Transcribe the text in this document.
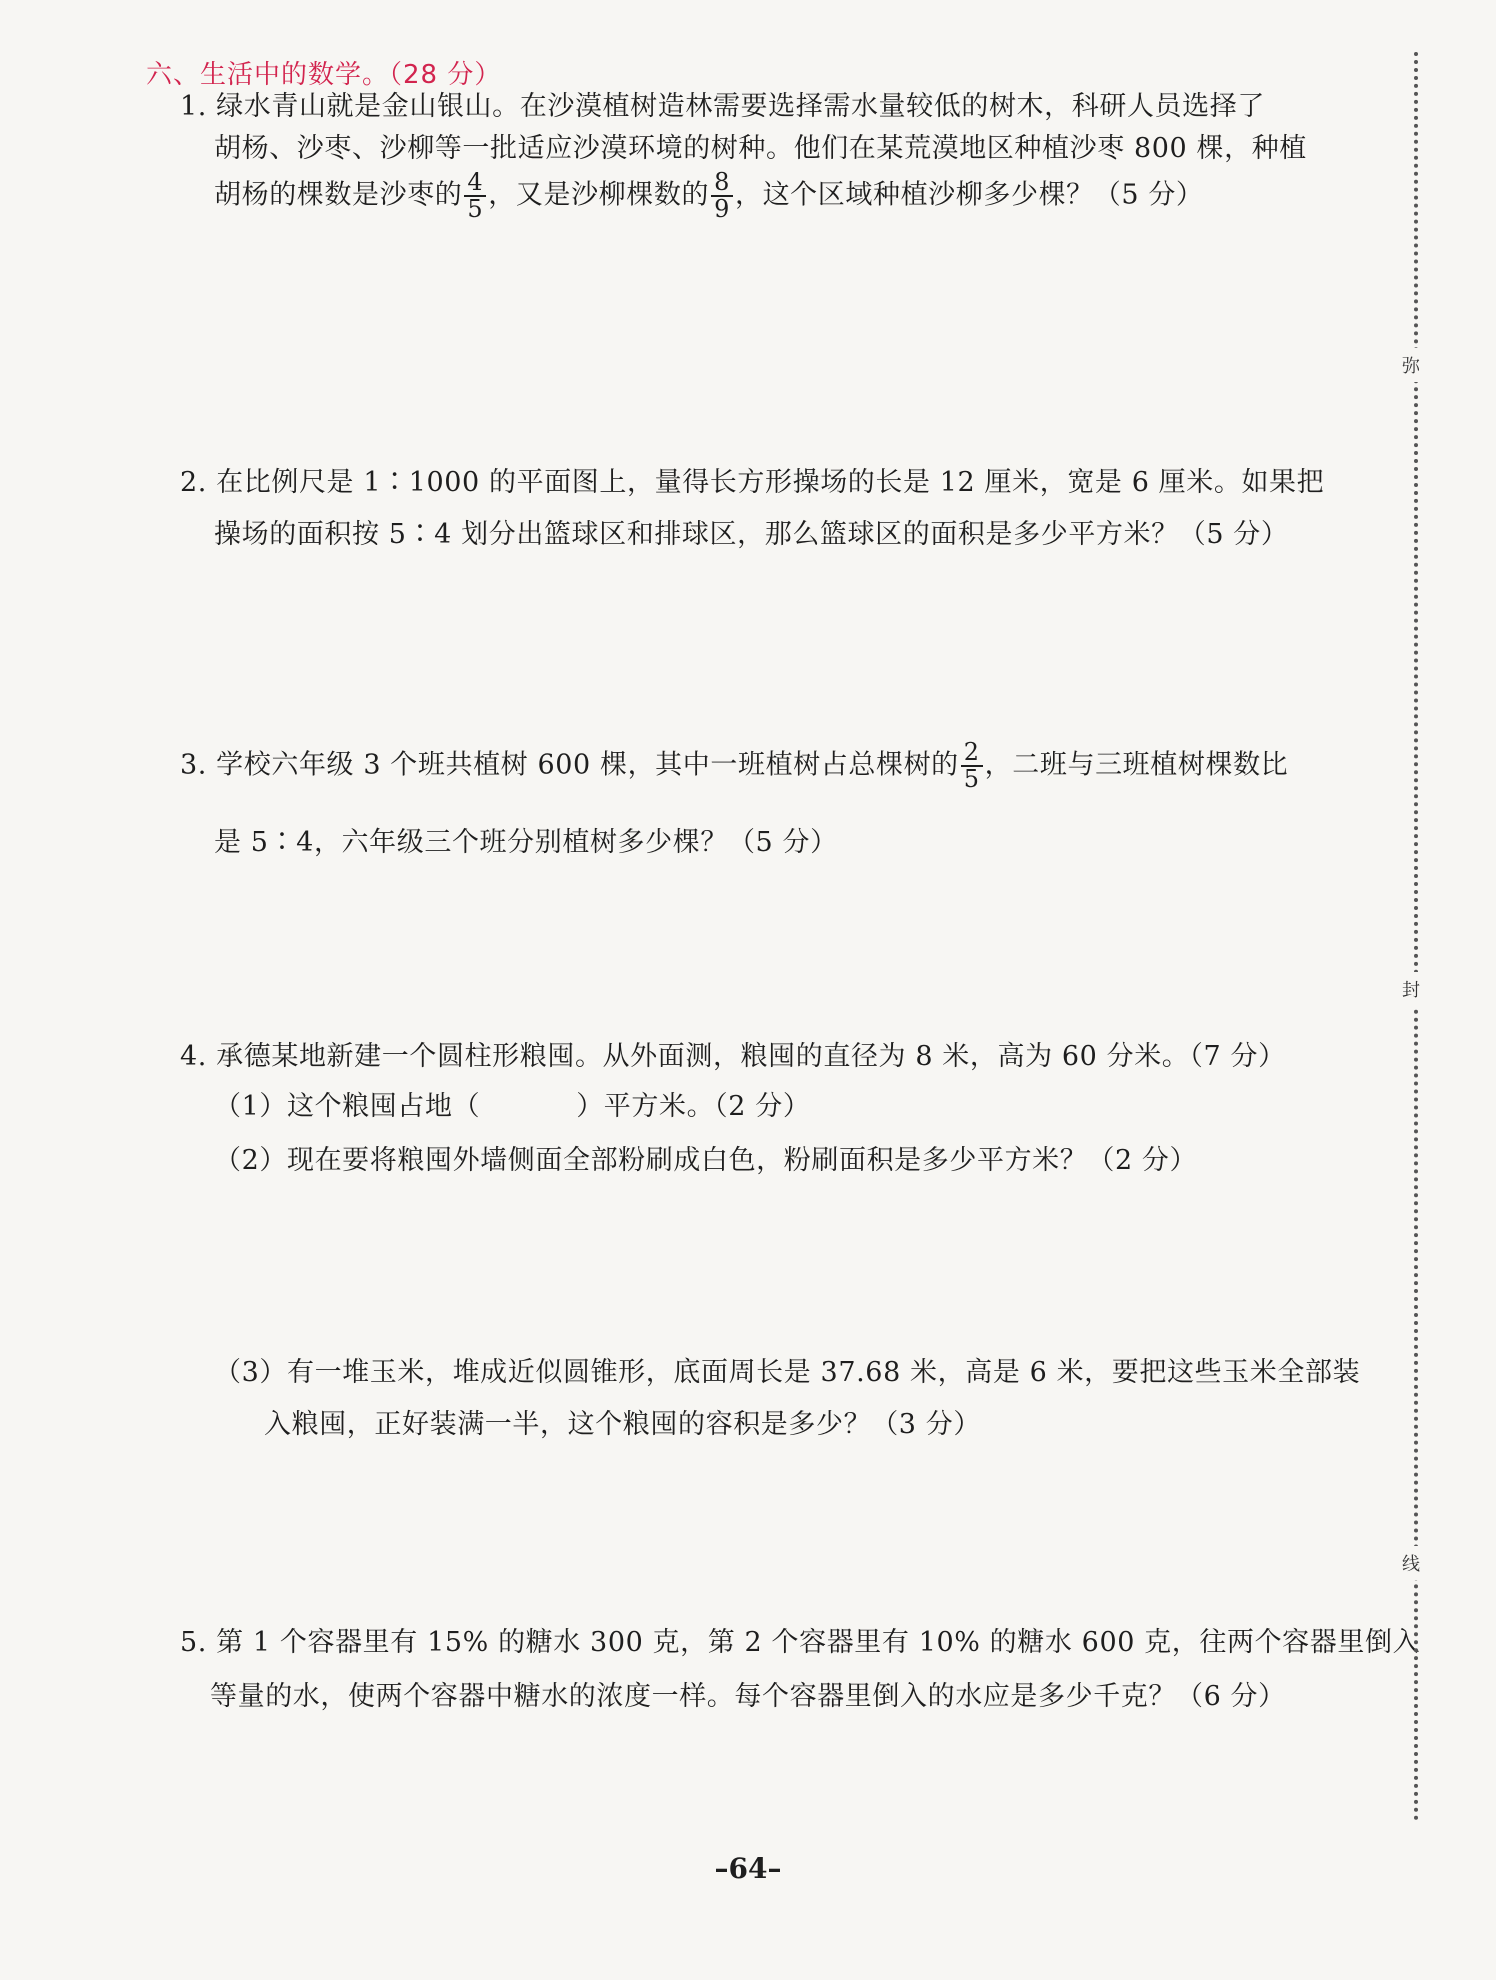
六、生活中的数学。（28 分）
1. 绿水青山就是金山银山。在沙漠植树造林需要选择需水量较低的树木，科研人员选择了
胡杨、沙枣、沙柳等一批适应沙漠环境的树种。他们在某荒漠地区种植沙枣 800 棵，种植
胡杨的棵数是沙枣的 $\frac{4}{5}$ ，又是沙柳棵数的 $\frac{8}{9}$ ，这个区域种植沙柳多少棵？（5 分）
2. 在比例尺是 1∶1000 的平面图上，量得长方形操场的长是 12 厘米，宽是 6 厘米。如果把
操场的面积按 5∶4 划分出篮球区和排球区，那么篮球区的面积是多少平方米？（5 分）
3. 学校六年级 3 个班共植树 600 棵，其中一班植树占总棵树的 $\frac{2}{5}$ ，二班与三班植树棵数比
是 5∶4，六年级三个班分别植树多少棵？（5 分）
4. 承德某地新建一个圆柱形粮囤。从外面测，粮囤的直径为 8 米，高为 60 分米。（7 分）
（1）这个粮囤占地（	）平方米。（2 分）
（2）现在要将粮囤外墙侧面全部粉刷成白色，粉刷面积是多少平方米？（2 分）
（3）有一堆玉米，堆成近似圆锥形，底面周长是 37.68 米，高是 6 米，要把这些玉米全部装
入粮囤，正好装满一半，这个粮囤的容积是多少？（3 分）
5. 第 1 个容器里有 15% 的糖水 300 克，第 2 个容器里有 10% 的糖水 600 克，往两个容器里倒入
等量的水，使两个容器中糖水的浓度一样。每个容器里倒入的水应是多少千克？（6 分）
弥
封
线
–64–
